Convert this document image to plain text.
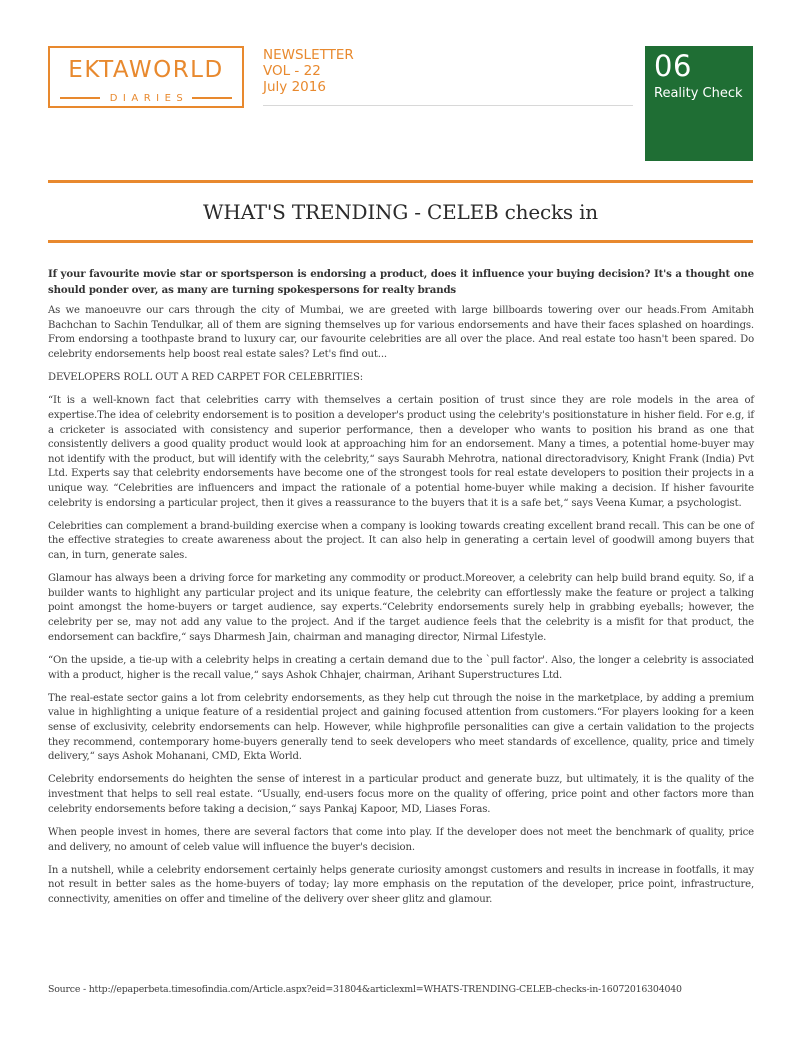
EKTAWORLD
DIARIES
NEWSLETTER
VOL - 22
July 2016
06
Reality Check
WHAT'S TRENDING - CELEB checks in

If your favourite movie star or sportsperson is endorsing a product, does it influence your buying decision? It's a thought one should ponder over, as many are turning spokespersons for realty brands

As we manoeuvre our cars through the city of Mumbai, we are greeted with large billboards towering over our heads.From Amitabh Bachchan to Sachin Tendulkar, all of them are signing themselves up for various endorsements and have their faces splashed on hoardings. From endorsing a toothpaste brand to luxury car, our favourite celebrities are all over the place. And real estate too hasn't been spared. Do celebrity endorsements help boost real estate sales? Let's find out...

DEVELOPERS ROLL OUT A RED CARPET FOR CELEBRITIES:

“It is a well-known fact that celebrities carry with themselves a certain position of trust since they are role models in the area of expertise.The idea of celebrity endorsement is to position a developer's product using the celebrity's positionstature in hisher field. For e.g, if a cricketer is associated with consistency and superior performance, then a developer who wants to position his brand as one that consistently delivers a good quality product would look at approaching him for an endorsement. Many a times, a potential home-buyer may not identify with the product, but will identify with the celebrity,“ says Saurabh Mehrotra, national directoradvisory, Knight Frank (India) Pvt Ltd. Experts say that celebrity endorsements have become one of the strongest tools for real estate developers to position their projects in a unique way. “Celebrities are influencers and impact the rationale of a potential home-buyer while making a decision. If hisher favourite celebrity is endorsing a particular project, then it gives a reassurance to the buyers that it is a safe bet,“ says Veena Kumar, a psychologist.

Celebrities can complement a brand-building exercise when a company is looking towards creating excellent brand recall. This can be one of the effective strategies to create awareness about the project. It can also help in generating a certain level of goodwill among buyers that can, in turn, generate sales.

Glamour has always been a driving force for marketing any commodity or product.Moreover, a celebrity can help build brand equity. So, if a builder wants to highlight any particular project and its unique feature, the celebrity can effortlessly make the feature or project a talking point amongst the home-buyers or target audience, say experts.“Celebrity endorsements surely help in grabbing eyeballs; however, the celebrity per se, may not add any value to the project. And if the target audience feels that the celebrity is a misfit for that product, the endorsement can backfire,“ says Dharmesh Jain, chairman and managing director, Nirmal Lifestyle.

“On the upside, a tie-up with a celebrity helps in creating a certain demand due to the `pull factor'. Also, the longer a celebrity is associated with a product, higher is the recall value,“ says Ashok Chhajer, chairman, Arihant Superstructures Ltd.

The real-estate sector gains a lot from celebrity endorsements, as they help cut through the noise in the marketplace, by adding a premium value in highlighting a unique feature of a residential project and gaining focused attention from customers.“For players looking for a keen sense of exclusivity, celebrity endorsements can help. However, while highprofile personalities can give a certain validation to the projects they recommend, contemporary home-buyers generally tend to seek developers who meet standards of excellence, quality, price and timely delivery,“ says Ashok Mohanani, CMD, Ekta World.

Celebrity endorsements do heighten the sense of interest in a particular product and generate buzz, but ultimately, it is the quality of the investment that helps to sell real estate. “Usually, end-users focus more on the quality of offering, price point and other factors more than celebrity endorsements before taking a decision,“ says Pankaj Kapoor, MD, Liases Foras.

When people invest in homes, there are several factors that come into play. If the developer does not meet the benchmark of quality, price and delivery, no amount of celeb value will influence the buyer's decision.

In a nutshell, while a celebrity endorsement certainly helps generate curiosity amongst customers and results in increase in footfalls, it may not result in better sales as the home-buyers of today; lay more emphasis on the reputation of the developer, price point, infrastructure, connectivity, amenities on offer and timeline of the delivery over sheer glitz and glamour.

Source - http://epaperbeta.timesofindia.com/Article.aspx?eid=31804&articlexml=WHATS-TRENDING-CELEB-checks-in-16072016304040
